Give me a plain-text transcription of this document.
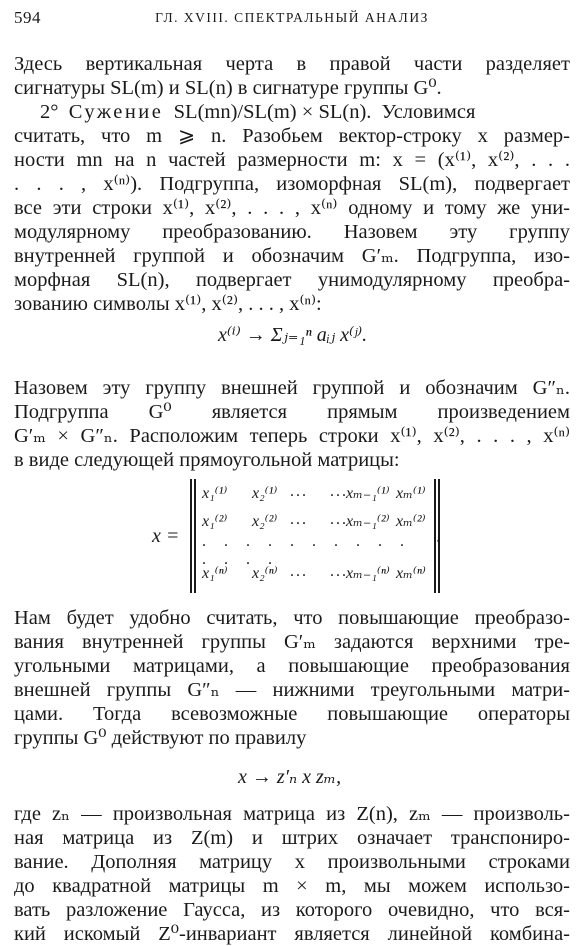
594	ГЛ. XVIII. СПЕКТРАЛЬНЫЙ АНАЛИЗ
Здесь вертикальная черта в правой части разделяет
сигнатуры SL(m) и SL(n) в сигнатуре группы G⁰.
2° Сужение SL(mn)/SL(m) × SL(n). Условимся
считать, что m ⩾ n. Разобьем вектор-строку x размер-
ности mn на n частей размерности m: x = (x⁽¹⁾, x⁽²⁾, . . .
. . . , x⁽ⁿ⁾). Подгруппа, изоморфная SL(m), подвергает
все эти строки x⁽¹⁾, x⁽²⁾, . . . , x⁽ⁿ⁾ одному и тому же уни-
модулярному преобразованию. Назовем эту группу
внутренней группой и обозначим G′ₘ. Подгруппа, изо-
морфная SL(n), подвергает унимодулярному преобра-
зованию символы x⁽¹⁾, x⁽²⁾, . . . , x⁽ⁿ⁾:
x⁽ⁱ⁾ → Σⱼ₌₁ⁿ aᵢⱼ x⁽ʲ⁾.
Назовем эту группу внешней группой и обозначим G″ₙ.
Подгруппа G⁰ является прямым произведением
G′ₘ × G″ₙ. Расположим теперь строки x⁽¹⁾, x⁽²⁾, . . . , x⁽ⁿ⁾
в виде следующей прямоугольной матрицы:
x =	.
x₁⁽¹⁾ x₂⁽¹⁾ ... ...
xₘ₋₁⁽¹⁾ xₘ⁽¹⁾
x₁⁽²⁾ x₂⁽²⁾ ... ...
xₘ₋₁⁽²⁾ xₘ⁽²⁾
. . . . . . . . . . . . . .
x₁⁽ⁿ⁾ x₂⁽ⁿ⁾ ... ...
xₘ₋₁⁽ⁿ⁾ xₘ⁽ⁿ⁾
Нам будет удобно считать, что повышающие преобразо-
вания внутренней группы G′ₘ задаются верхними тре-
угольными матрицами, а повышающие преобразования
внешней группы G″ₙ — нижними треугольными матри-
цами. Тогда всевозможные повышающие операторы
группы G⁰ действуют по правилу
x → z′ₙ x zₘ,
где zₙ — произвольная матрица из Z(n), zₘ — произволь-
ная матрица из Z(m) и штрих означает транспониро-
вание. Дополняя матрицу x произвольными строками
до квадратной матрицы m × m, мы можем использо-
вать разложение Гаусса, из которого очевидно, что вся-
кий искомый Z⁰-инвариант является линейной комбина-
